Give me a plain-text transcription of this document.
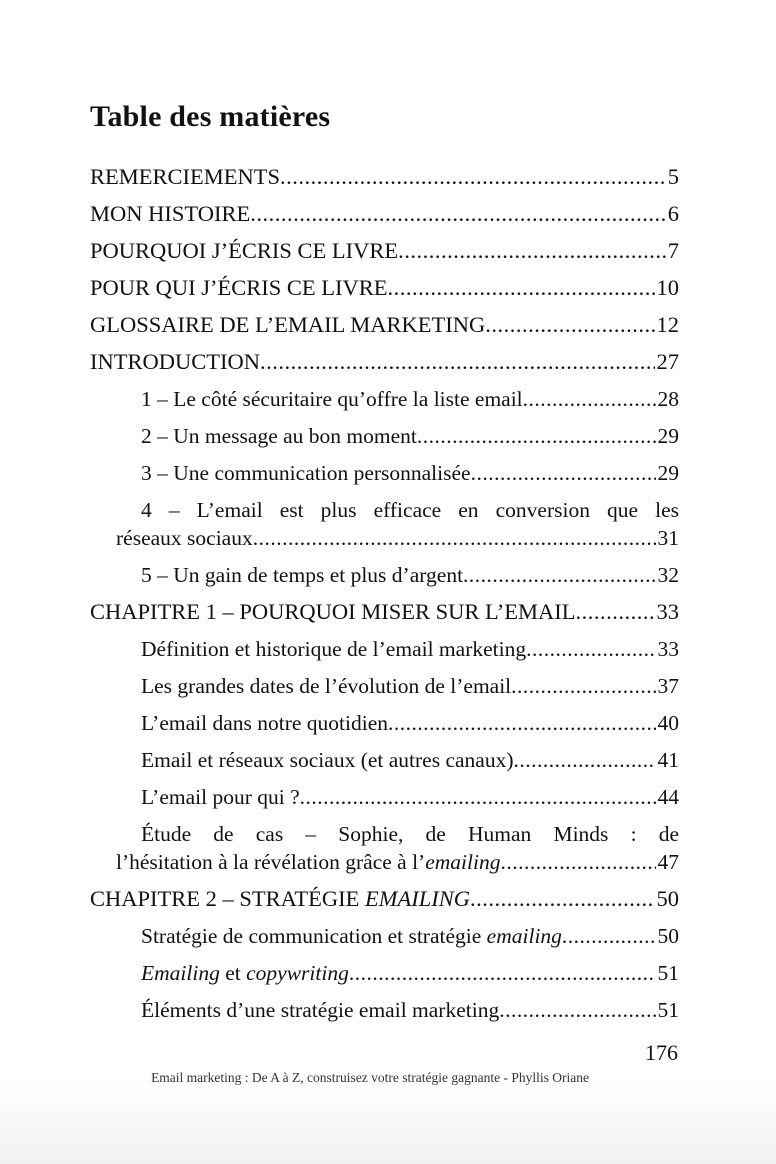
Table des matières
REMERCIEMENTS .....	5
MON HISTOIRE .....	6
POURQUOI J’ÉCRIS CE LIVRE .....	7
POUR QUI J’ÉCRIS CE LIVRE .....	10
GLOSSAIRE DE L’EMAIL MARKETING .....	12
INTRODUCTION .....	27
1 – Le côté sécuritaire qu’offre la liste email .....	28
2 – Un message au bon moment .....	29
3 – Une communication personnalisée .....	29
4 – L’email est plus efficace en conversion que les
réseaux sociaux .....	31
5 – Un gain de temps et plus d’argent .....	32
CHAPITRE 1 – POURQUOI MISER SUR L’EMAIL .....	33
Définition et historique de l’email marketing .....	33
Les grandes dates de l’évolution de l’email .....	37
L’email dans notre quotidien .....	40
Email et réseaux sociaux (et autres canaux) .....	41
L’email pour qui ? .....	44
Étude de cas – Sophie, de Human Minds : de
l’hésitation à la révélation grâce à l’emailing .....	47
CHAPITRE 2 – STRATÉGIE EMAILING .....	50
Stratégie de communication et stratégie emailing .....	50
Emailing et copywriting .....	51
Éléments d’une stratégie email marketing .....	51
176
Email marketing : De A à Z, construisez votre stratégie gagnante - Phyllis Oriane
